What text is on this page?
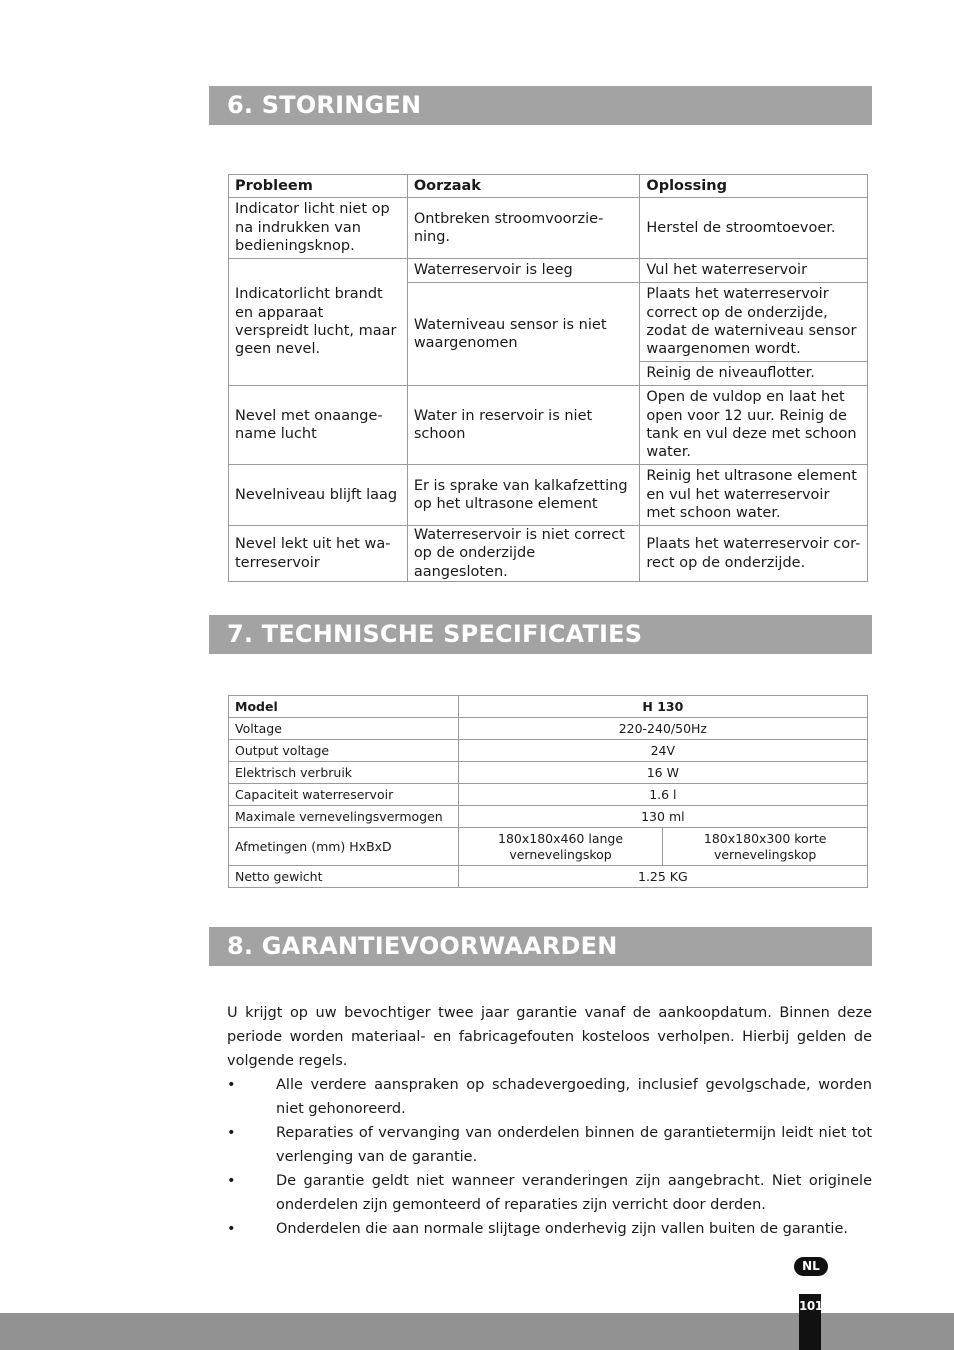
6. STORINGEN
Probleem	Oorzaak	Oplossing
Indicator licht niet op na indrukken van bedieningsknop.	Ontbreken stroomvoorzie-ning.	Herstel de stroomtoevoer.
Indicatorlicht brandt en apparaat verspreidt lucht, maar geen nevel.	Waterreservoir is leeg	Vul het waterreservoir
	Waterniveau sensor is niet waargenomen	Plaats het waterreservoir correct op de onderzijde, zodat de waterniveau sensor waargenomen wordt.
		Reinig de niveauflotter.
Nevel met onaange-name lucht	Water in reservoir is niet schoon	Open de vuldop en laat het open voor 12 uur. Reinig de tank en vul deze met schoon water.
Nevelniveau blijft laag	Er is sprake van kalkafzetting op het ultrasone element	Reinig het ultrasone element en vul het waterreservoir met schoon water.
Nevel lekt uit het wa-terreservoir	Waterreservoir is niet correct op de onderzijde aangesloten.	Plaats het waterreservoir cor-rect op de onderzijde.
7. TECHNISCHE SPECIFICATIES
Model	H 130	
Voltage	220-240/50Hz	
Output voltage	24V	
Elektrisch verbruik	16 W	
Capaciteit waterreservoir	1.6 l	
Maximale vernevelingsvermogen	130 ml	
Afmetingen (mm) HxBxD	180x180x460 lange vernevelingskop	180x180x300 korte vernevelingskop
Netto gewicht	1.25 KG	
8. GARANTIEVOORWAARDEN

U krijgt op uw bevochtiger twee jaar garantie vanaf de aankoopdatum. Binnen deze periode worden materiaal- en fabricagefouten kosteloos verholpen. Hierbij gelden de volgende regels.

•	Alle verdere aanspraken op schadevergoeding, inclusief gevolgschade, worden niet gehonoreerd.
•	Reparaties of vervanging van onderdelen binnen de garantietermijn leidt niet tot verlenging van de garantie.
•	De garantie geldt niet wanneer veranderingen zijn aangebracht. Niet originele onderdelen zijn gemonteerd of reparaties zijn verricht door derden.
•	Onderdelen die aan normale slijtage onderhevig zijn vallen buiten de garantie.
NL
101
